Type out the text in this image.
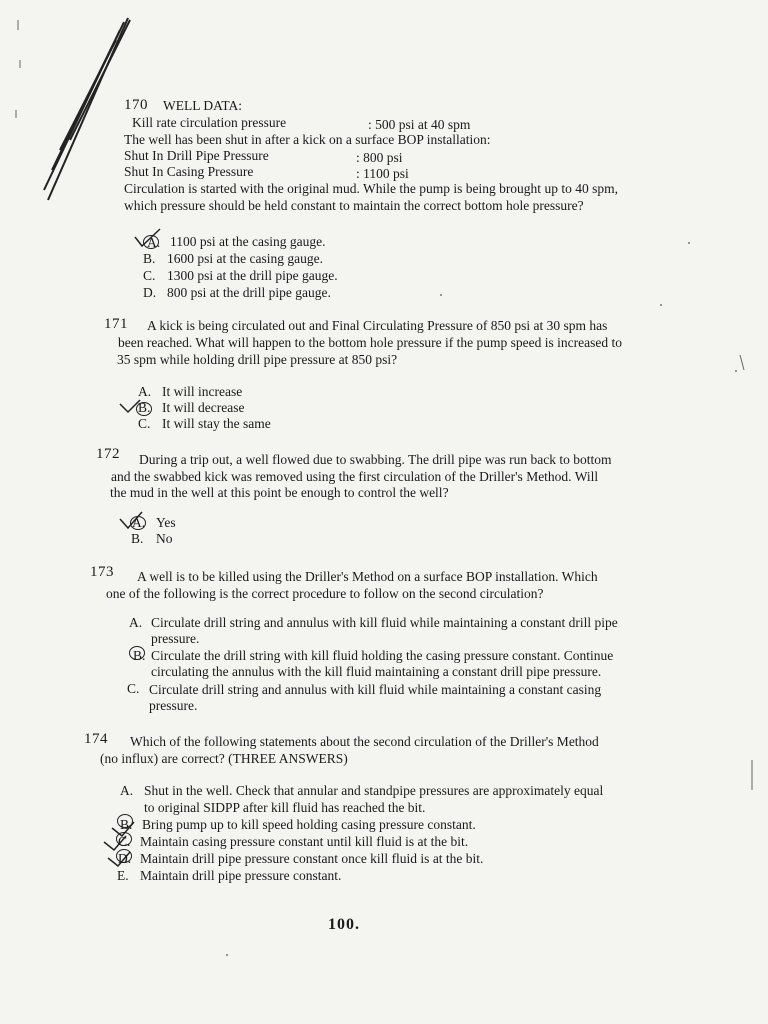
170 WELL DATA:
Kill rate circulation pressure	: 500 psi at 40 spm
The well has been shut in after a kick on a surface BOP installation:
Shut In Drill Pipe Pressure	: 800 psi
Shut In Casing Pressure	: 1100 psi
Circulation is started with the original mud. While the pump is being brought up to 40 spm,
which pressure should be held constant to maintain the correct bottom hole pressure?
A. 1100 psi at the casing gauge.
B. 1600 psi at the casing gauge.
C. 1300 psi at the drill pipe gauge.
D. 800 psi at the drill pipe gauge.
171 A kick is being circulated out and Final Circulating Pressure of 850 psi at 30 spm has
been reached. What will happen to the bottom hole pressure if the pump speed is increased to
35 spm while holding drill pipe pressure at 850 psi?
A. It will increase
B. It will decrease
C. It will stay the same
172 During a trip out, a well flowed due to swabbing. The drill pipe was run back to bottom
and the swabbed kick was removed using the first circulation of the Driller's Method. Will
the mud in the well at this point be enough to control the well?
A. Yes
B. No
173 A well is to be killed using the Driller's Method on a surface BOP installation. Which
one of the following is the correct procedure to follow on the second circulation?
A. Circulate drill string and annulus with kill fluid while maintaining a constant drill pipe
pressure.
B. Circulate the drill string with kill fluid holding the casing pressure constant. Continue
circulating the annulus with the kill fluid maintaining a constant drill pipe pressure.
C. Circulate drill string and annulus with kill fluid while maintaining a constant casing
pressure.
174 Which of the following statements about the second circulation of the Driller's Method
(no influx) are correct? (THREE ANSWERS)
A. Shut in the well. Check that annular and standpipe pressures are approximately equal
to original SIDPP after kill fluid has reached the bit.
B. Bring pump up to kill speed holding casing pressure constant.
C. Maintain casing pressure constant until kill fluid is at the bit.
D. Maintain drill pipe pressure constant once kill fluid is at the bit.
E. Maintain drill pipe pressure constant.
100.
